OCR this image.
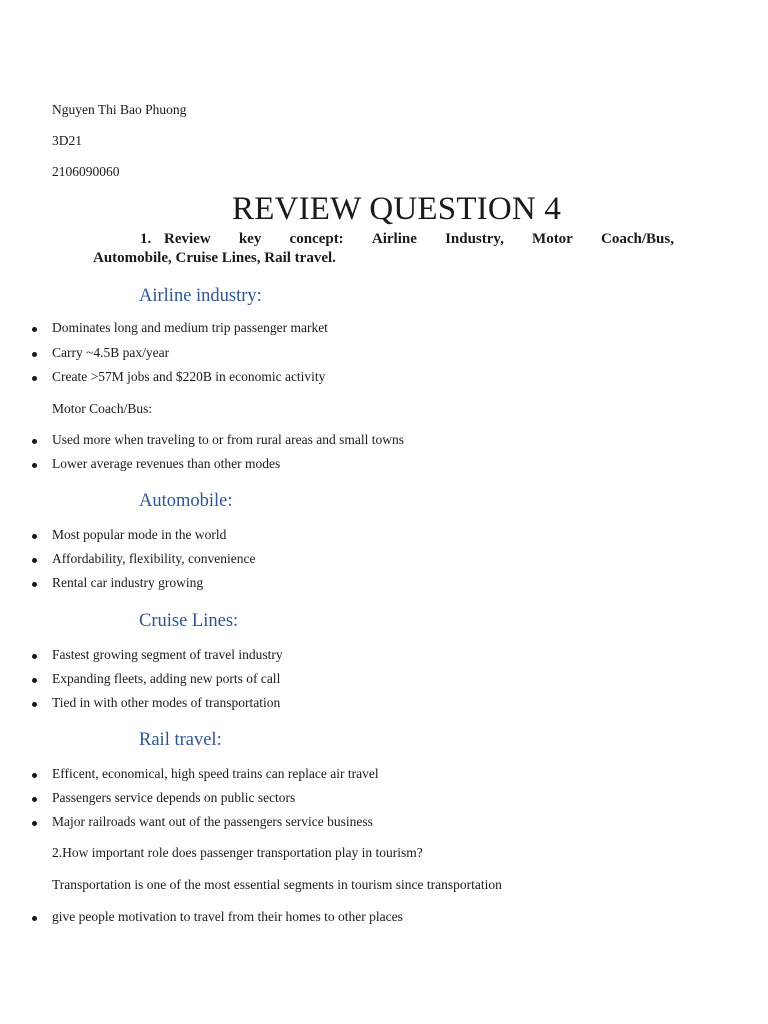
Nguyen Thi Bao Phuong
3D21
2106090060
REVIEW QUESTION 4
1. Review key concept: Airline Industry, Motor Coach/Bus,
Automobile, Cruise Lines, Rail travel.
Airline industry:
Dominates long and medium trip passenger market
Carry ~4.5B pax/year
Create >57M jobs and $220B in economic activity
Motor Coach/Bus:
Used more when traveling to or from rural areas and small towns
Lower average revenues than other modes
Automobile:
Most popular mode in the world
Affordability, flexibility, convenience
Rental car industry growing
Cruise Lines:
Fastest growing segment of travel industry
Expanding fleets, adding new ports of call
Tied in with other modes of transportation
Rail travel:
Efficent, economical, high speed trains can replace air travel
Passengers service depends on public sectors
Major railroads want out of the passengers service business
2.How important role does passenger transportation play in tourism?
Transportation is one of the most essential segments in tourism since transportation
give people motivation to travel from their homes to other places
